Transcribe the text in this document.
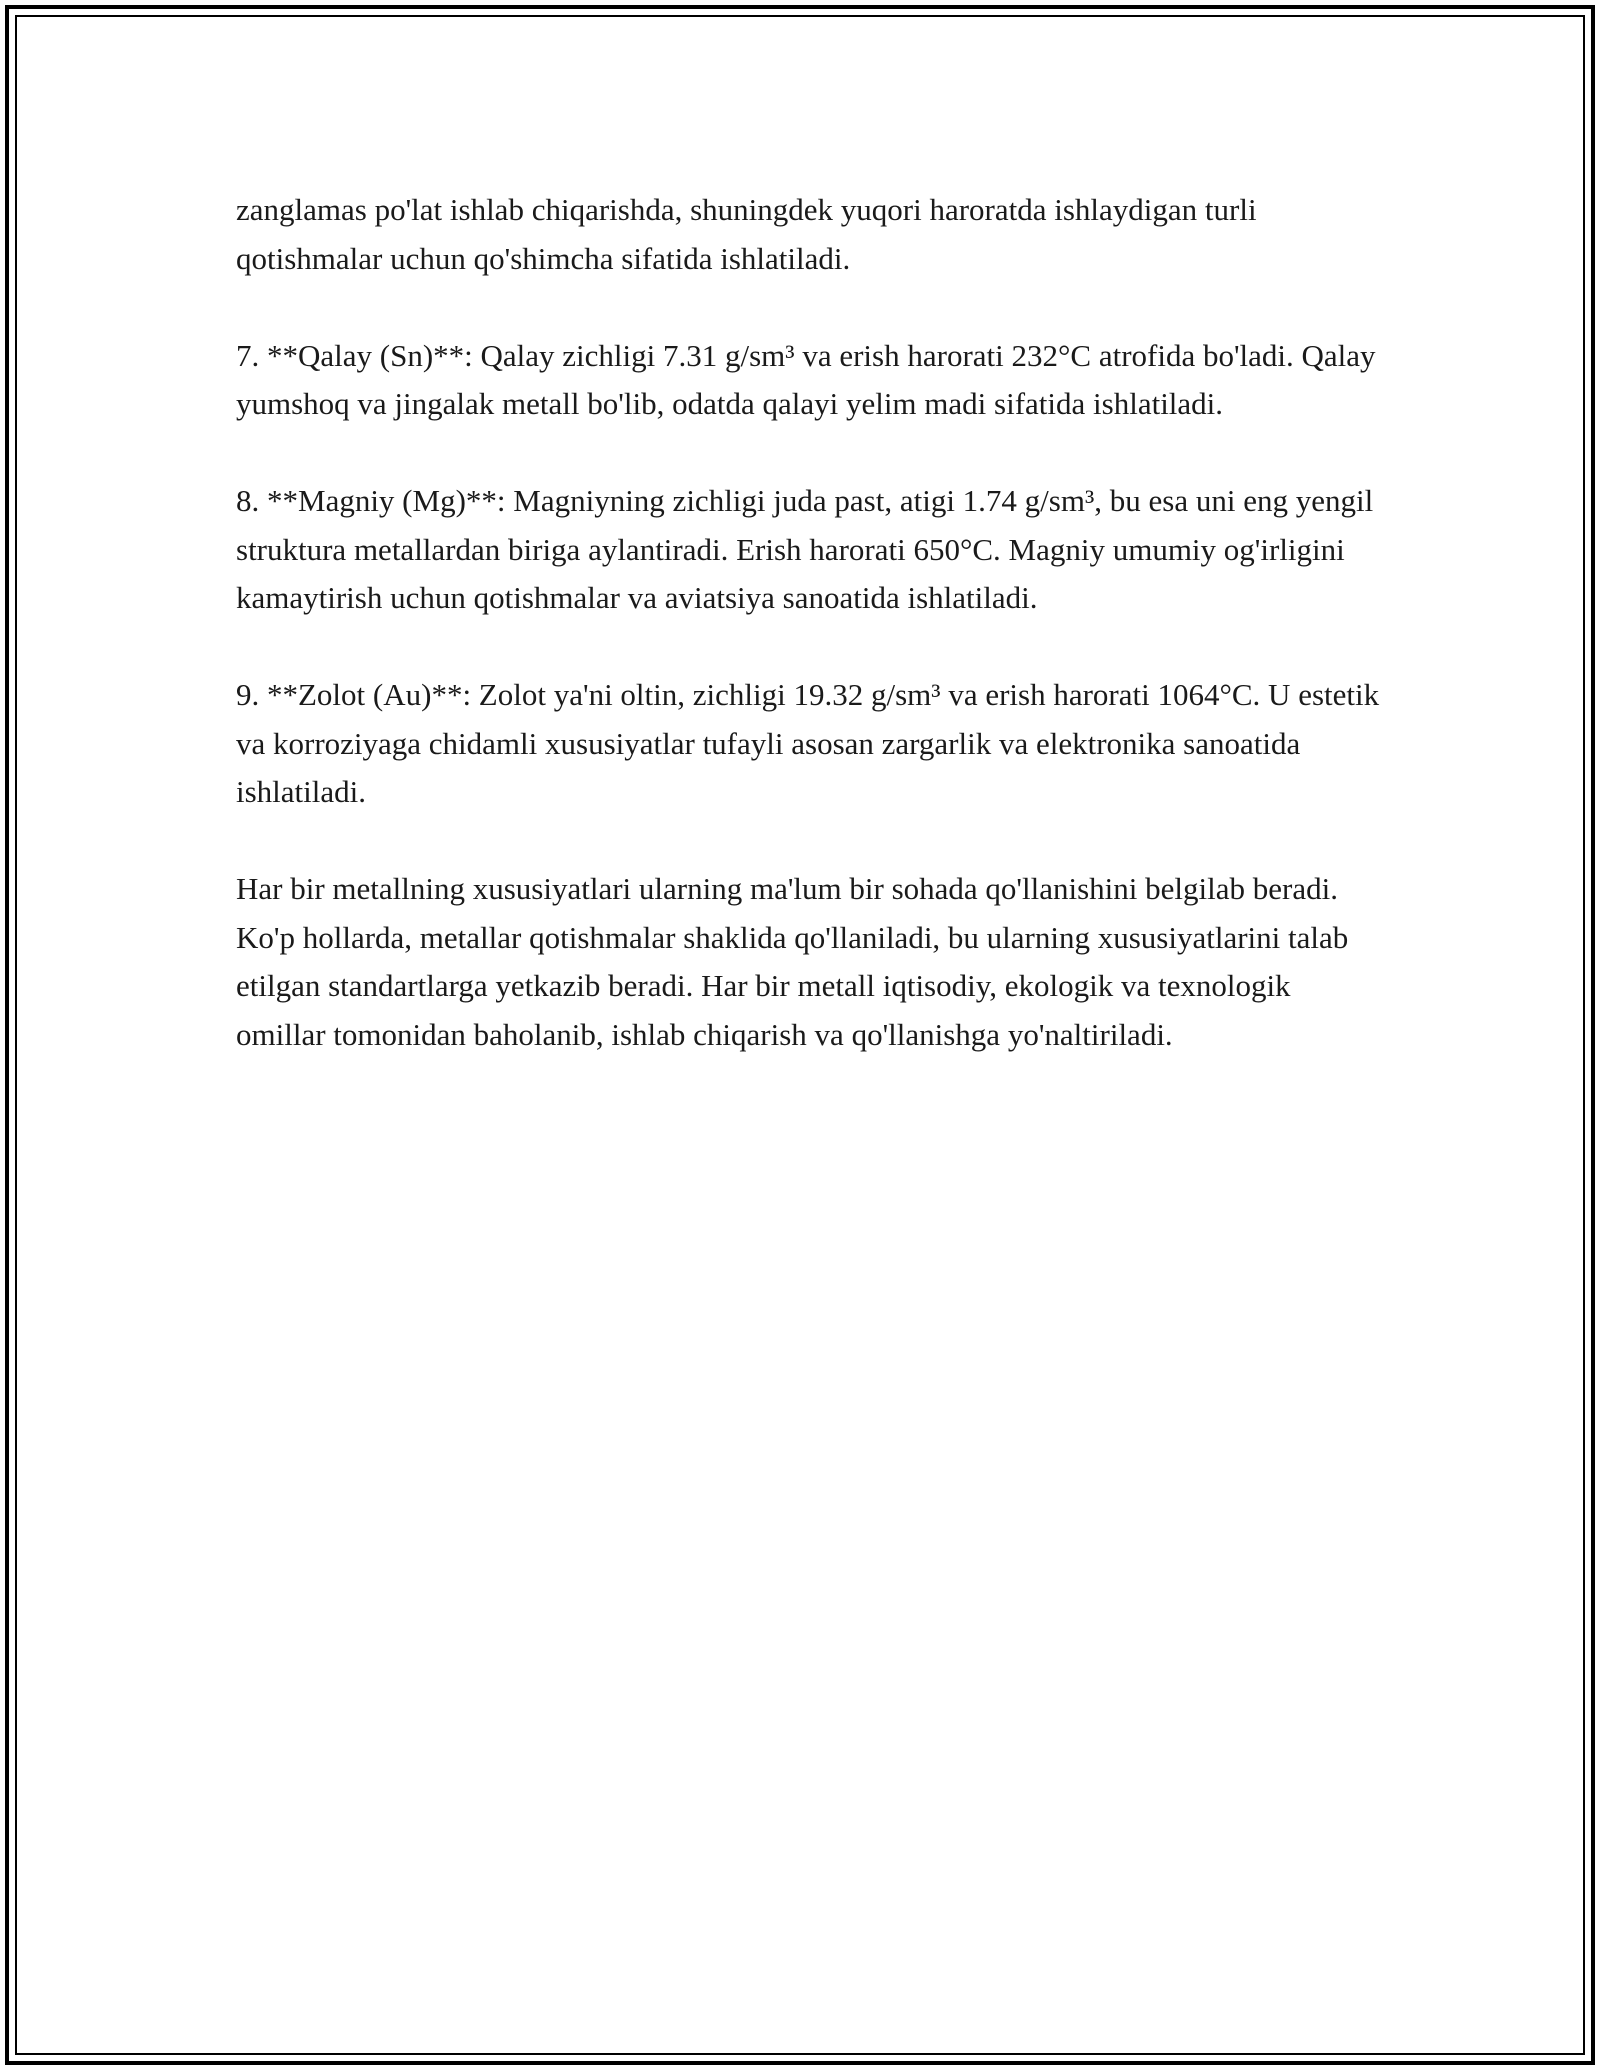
zanglamas po'lat ishlab chiqarishda, shuningdek yuqori haroratda ishlaydigan turli qotishmalar uchun qo'shimcha sifatida ishlatiladi.

7. **Qalay (Sn)**: Qalay zichligi 7.31 g/sm³ va erish harorati 232°C atrofida bo'ladi. Qalay yumshoq va jingalak metall bo'lib, odatda qalayi yelim madi sifatida ishlatiladi.

8. **Magniy (Mg)**: Magniyning zichligi juda past, atigi 1.74 g/sm³, bu esa uni eng yengil struktura metallardan biriga aylantiradi. Erish harorati 650°C. Magniy umumiy og'irligini kamaytirish uchun qotishmalar va aviatsiya sanoatida ishlatiladi.

9. **Zolot (Au)**: Zolot ya'ni oltin, zichligi 19.32 g/sm³ va erish harorati 1064°C. U estetik va korroziyaga chidamli xususiyatlar tufayli asosan zargarlik va elektronika sanoatida ishlatiladi.

Har bir metallning xususiyatlari ularning ma'lum bir sohada qo'llanishini belgilab beradi. Ko'p hollarda, metallar qotishmalar shaklida qo'llaniladi, bu ularning xususiyatlarini talab etilgan standartlarga yetkazib beradi. Har bir metall iqtisodiy, ekologik va texnologik omillar tomonidan baholanib, ishlab chiqarish va qo'llanishga yo'naltiriladi.
